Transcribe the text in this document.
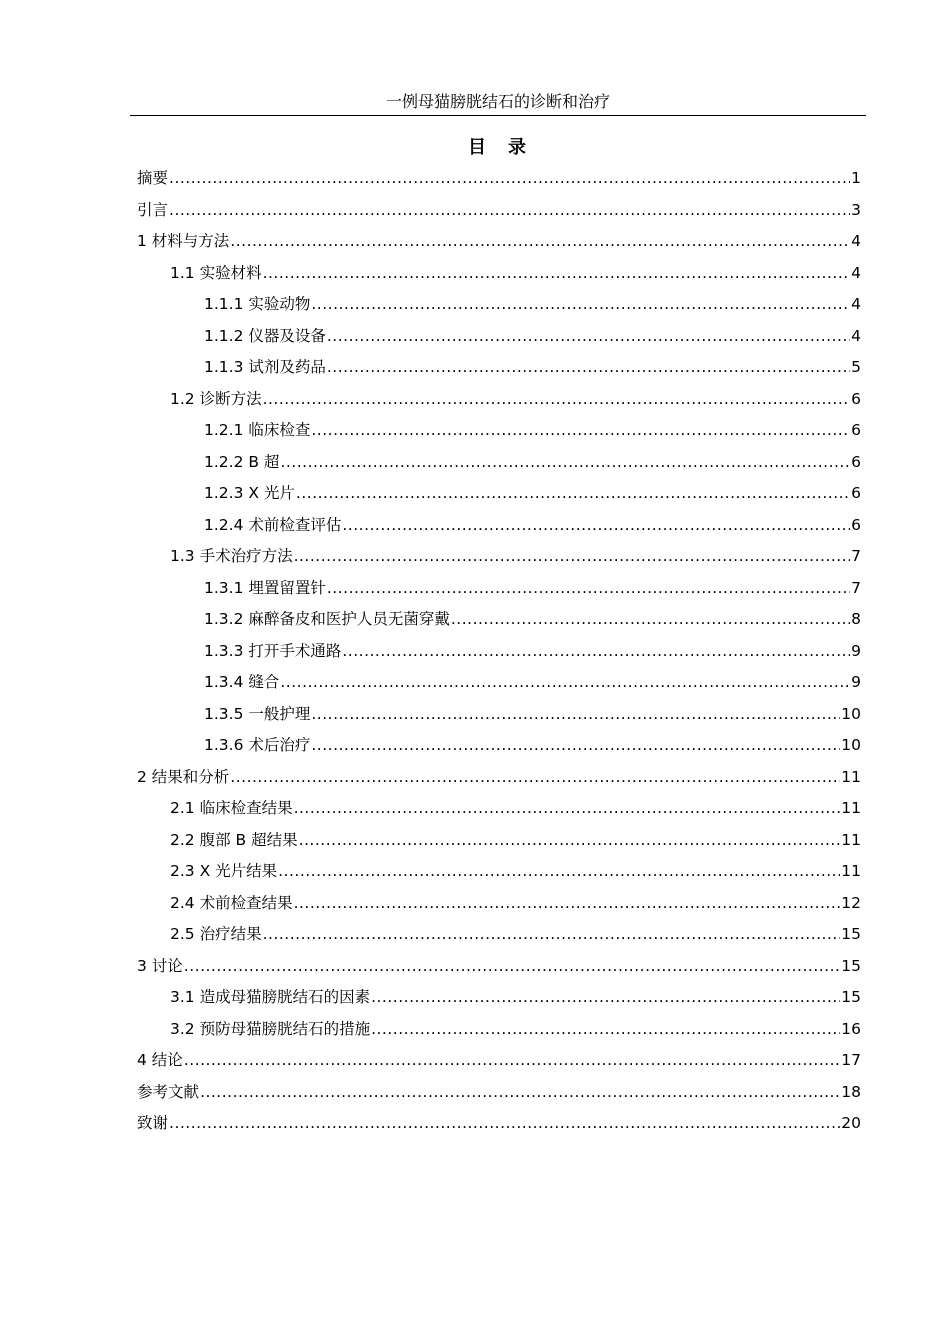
一例母猫膀胱结石的诊断和治疗
目　录
摘要 .....	1
引言 .....	3
1 材料与方法 .....	4
1.1 实验材料 .....	4
1.1.1 实验动物 .....	4
1.1.2 仪器及设备 .....	4
1.1.3 试剂及药品 .....	5
1.2 诊断方法 .....	6
1.2.1 临床检查 .....	6
1.2.2 B 超 .....	6
1.2.3 X 光片 .....	6
1.2.4 术前检查评估 .....	6
1.3 手术治疗方法 .....	7
1.3.1 埋置留置针 .....	7
1.3.2 麻醉备皮和医护人员无菌穿戴 .....	8
1.3.3 打开手术通路 .....	9
1.3.4 缝合 .....	9
1.3.5 一般护理 .....	10
1.3.6 术后治疗 .....	10
2 结果和分析 .....	11
2.1 临床检查结果 .....	11
2.2 腹部 B 超结果 .....	11
2.3 X 光片结果 .....	11
2.4 术前检查结果 .....	12
2.5 治疗结果 .....	15
3 讨论 .....	15
3.1 造成母猫膀胱结石的因素 .....	15
3.2 预防母猫膀胱结石的措施 .....	16
4 结论 .....	17
参考文献 .....	18
致谢 .....	20
